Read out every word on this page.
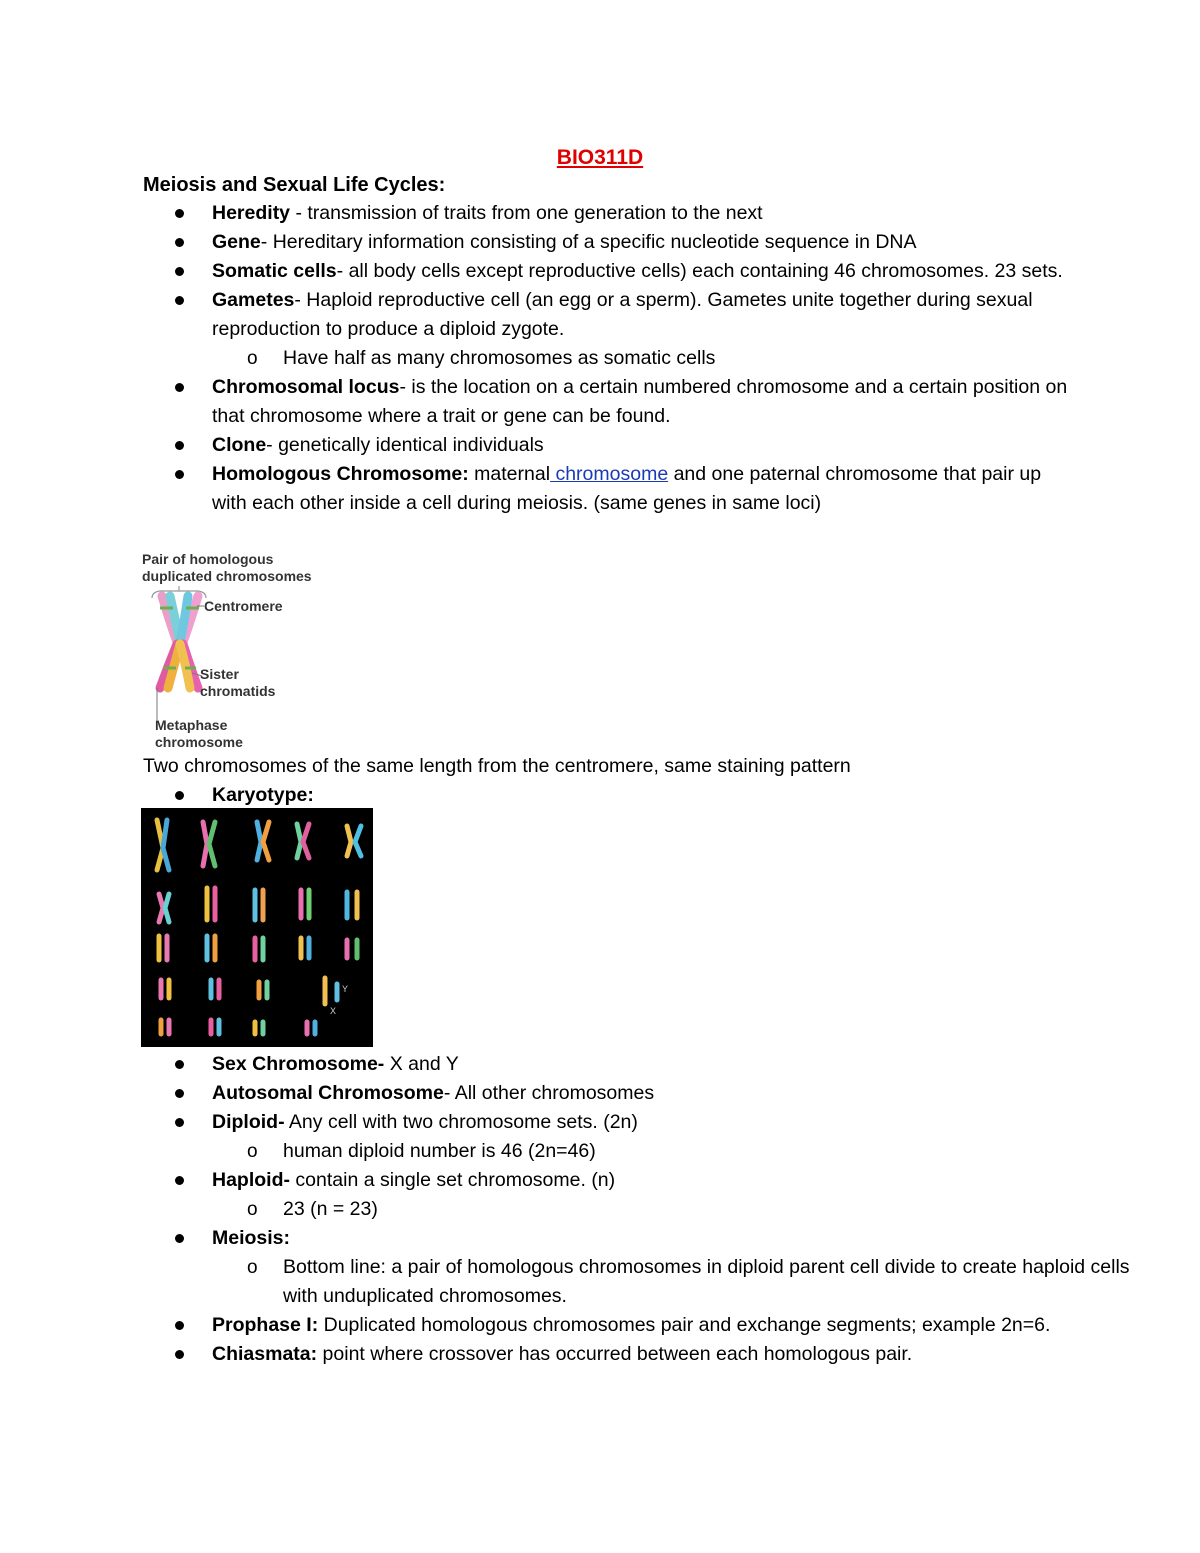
BIO311D
Meiosis and Sexual Life Cycles:
Heredity - transmission of traits from one generation to the next
Gene- Hereditary information consisting of a specific nucleotide sequence in DNA
Somatic cells- all body cells except reproductive cells) each containing 46 chromosomes. 23 sets.
Gametes- Haploid reproductive cell (an egg or a sperm). Gametes unite together during sexual reproduction to produce a diploid zygote.
o Have half as many chromosomes as somatic cells
Chromosomal locus- is the location on a certain numbered chromosome and a certain position on that chromosome where a trait or gene can be found.
Clone- genetically identical individuals
Homologous Chromosome: maternal chromosome and one paternal chromosome that pair up with each other inside a cell during meiosis. (same genes in same loci)
Pair of homologous
duplicated chromosomes
Centromere
Sister
chromatids
Metaphase
chromosome
Two chromosomes of the same length from the centromere, same staining pattern
Karyotype:
X
Y
Sex Chromosome- X and Y
Autosomal Chromosome- All other chromosomes
Diploid- Any cell with two chromosome sets. (2n)
o human diploid number is 46 (2n=46)
Haploid- contain a single set chromosome. (n)
o 23 (n = 23)
Meiosis:
o Bottom line: a pair of homologous chromosomes in diploid parent cell divide to create haploid cells with unduplicated chromosomes.
Prophase I: Duplicated homologous chromosomes pair and exchange segments; example 2n=6.
Chiasmata: point where crossover has occurred between each homologous pair.
